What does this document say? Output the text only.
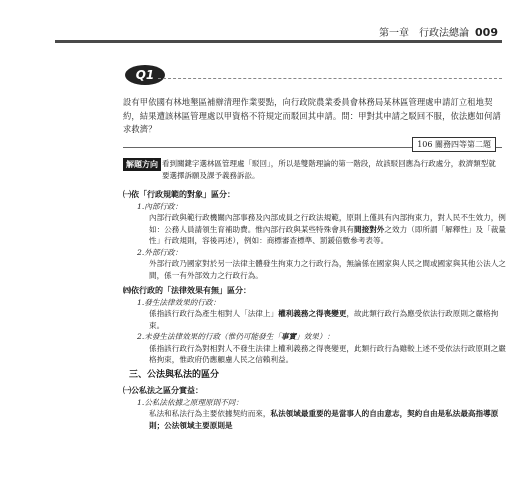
第一章　行政法總論 009
Q1
設有甲依國有林地墾區補辦清理作業要點，向行政院農業委員會林務局某林區管理處申請訂立租地契約，結果遭該林區管理處以甲資格不符規定而駁回其申請。問：甲對其申請之駁回不服，依法應如何請求救濟？
106 關務四等第二題
解題方向 看到關鍵字選林區管理處「駁回」，所以是雙階理論的第一階段，故該駁回應為行政處分，救濟類型就要選擇訴願及課予義務訴訟。

㈠依「行政規範的對象」區分：

1.內部行政：

內部行政與範行政機關內部事務及內部成員之行政法規範，原則上僅具有內部拘束力，對人民不生效力，例如：公務人員請領生育補助費。惟內部行政與某些特殊會具有間接對外之效力（即所謂「解釋性」及「裁量性」行政規則，容後再述），例如：商標審查標準、罰鍰倍數參考表等。

2.外部行政：

外部行政乃國家對於另一法律主體發生拘束力之行政行為，無論係在國家與人民之間或國家與其他公法人之間，係一有外部效力之行政行為。

㈣依行政的「法律效果有無」區分：

1.發生法律效果的行政：

係指該行政行為產生相對人「法律上」權利義務之得喪變更，故此類行政行為應受依法行政原則之嚴格拘束。

2.未發生法律效果的行政（惟仍可能發生「事實」效果）：

係指該行政行為對相對人不發生法律上權利義務之得喪變更，此類行政行為雖較上述不受依法行政原則之嚴格拘束，惟政府仍應顧慮人民之信賴利益。

三、公法與私法的區分

㈠公私法之區分實益：

1.公私法依據之原理原則不同：

私法和私法行為主要依據契約而來，私法領域最重要的是當事人的自由意志，契約自由是私法最高指導原則；公法領域主要原則是
